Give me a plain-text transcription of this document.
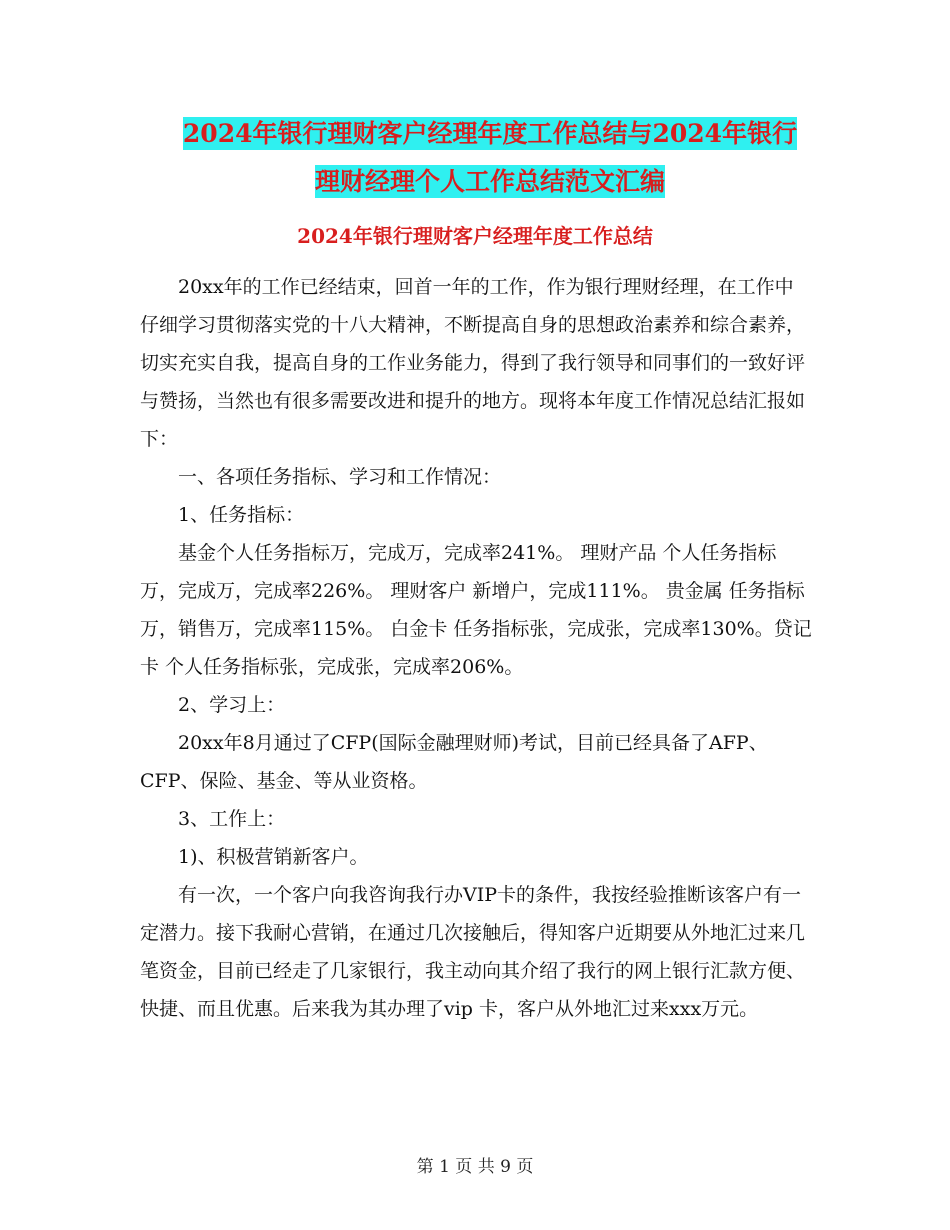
2024年银行理财客户经理年度工作总结与2024年银行
理财经理个人工作总结范文汇编
2024年银行理财客户经理年度工作总结

20xx年的工作已经结束，回首一年的工作，作为银行理财经理，在工作中仔细学习贯彻落实党的十八大精神，不断提高自身的思想政治素养和综合素养，切实充实自我，提高自身的工作业务能力，得到了我行领导和同事们的一致好评与赞扬，当然也有很多需要改进和提升的地方。现将本年度工作情况总结汇报如下：

一、各项任务指标、学习和工作情况：

1、任务指标：

基金个人任务指标万，完成万，完成率241%。 理财产品 个人任务指标万，完成万，完成率226%。 理财客户 新增户，完成111%。 贵金属 任务指标万，销售万，完成率115%。 白金卡 任务指标张，完成张，完成率130%。贷记卡 个人任务指标张，完成张，完成率206%。

2、学习上：

20xx年8月通过了CFP(国际金融理财师)考试，目前已经具备了AFP、 CFP、保险、基金、等从业资格。

3、工作上：

1)、积极营销新客户。

有一次，一个客户向我咨询我行办VIP卡的条件，我按经验推断该客户有一 定潜力。接下我耐心营销，在通过几次接触后，得知客户近期要从外地汇过来几 笔资金，目前已经走了几家银行，我主动向其介绍了我行的网上银行汇款方便、 快捷、而且优惠。后来我为其办理了vip 卡，客户从外地汇过来xxx万元。

第 1 页 共 9 页
